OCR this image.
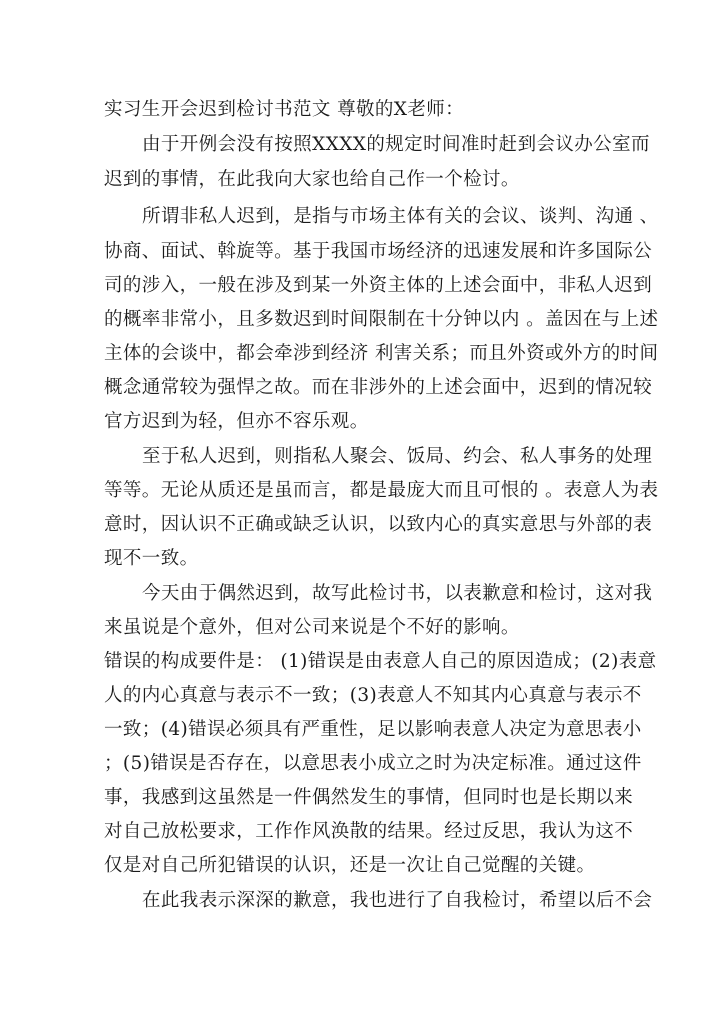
实习生开会迟到检讨书范文 尊敬的X老师：
由于开例会没有按照XXXX的规定时间准时赶到会议办公室而
迟到的事情，在此我向大家也给自己作一个检讨。
所谓非私人迟到，是指与市场主体有关的会议、谈判、沟通 、
协商、面试、斡旋等。基于我国市场经济的迅速发展和许多国际公
司的涉入，一般在涉及到某一外资主体的上述会面中，非私人迟到
的概率非常小，且多数迟到时间限制在十分钟以内 。盖因在与上述
主体的会谈中，都会牵涉到经济 利害关系；而且外资或外方的时间
概念通常较为强悍之故。而在非涉外的上述会面中，迟到的情况较
官方迟到为轻，但亦不容乐观。
至于私人迟到，则指私人聚会、饭局、约会、私人事务的处理
等等。无论从质还是虽而言，都是最庞大而且可恨的 。表意人为表
意时，因认识不正确或缺乏认识，以致内心的真实意思与外部的表
现不一致。
今天由于偶然迟到，故写此检讨书，以表歉意和检讨，这对我
来虽说是个意外，但对公司来说是个不好的影响。
错误的构成要件是： (1)错误是由表意人自己的原因造成；(2)表意
人的内心真意与表示不一致；(3)表意人不知其内心真意与表示不
一致；(4)错误必须具有严重性，足以影响表意人决定为意思表小
；(5)错误是否存在，以意思表小成立之时为决定标准。通过这件
事，我感到这虽然是一件偶然发生的事情，但同时也是长期以来
对自己放松要求，工作作风涣散的结果。经过反思，我认为这不
仅是对自己所犯错误的认识，还是一次让自己觉醒的关键。
在此我表示深深的歉意，我也进行了自我检讨，希望以后不会
